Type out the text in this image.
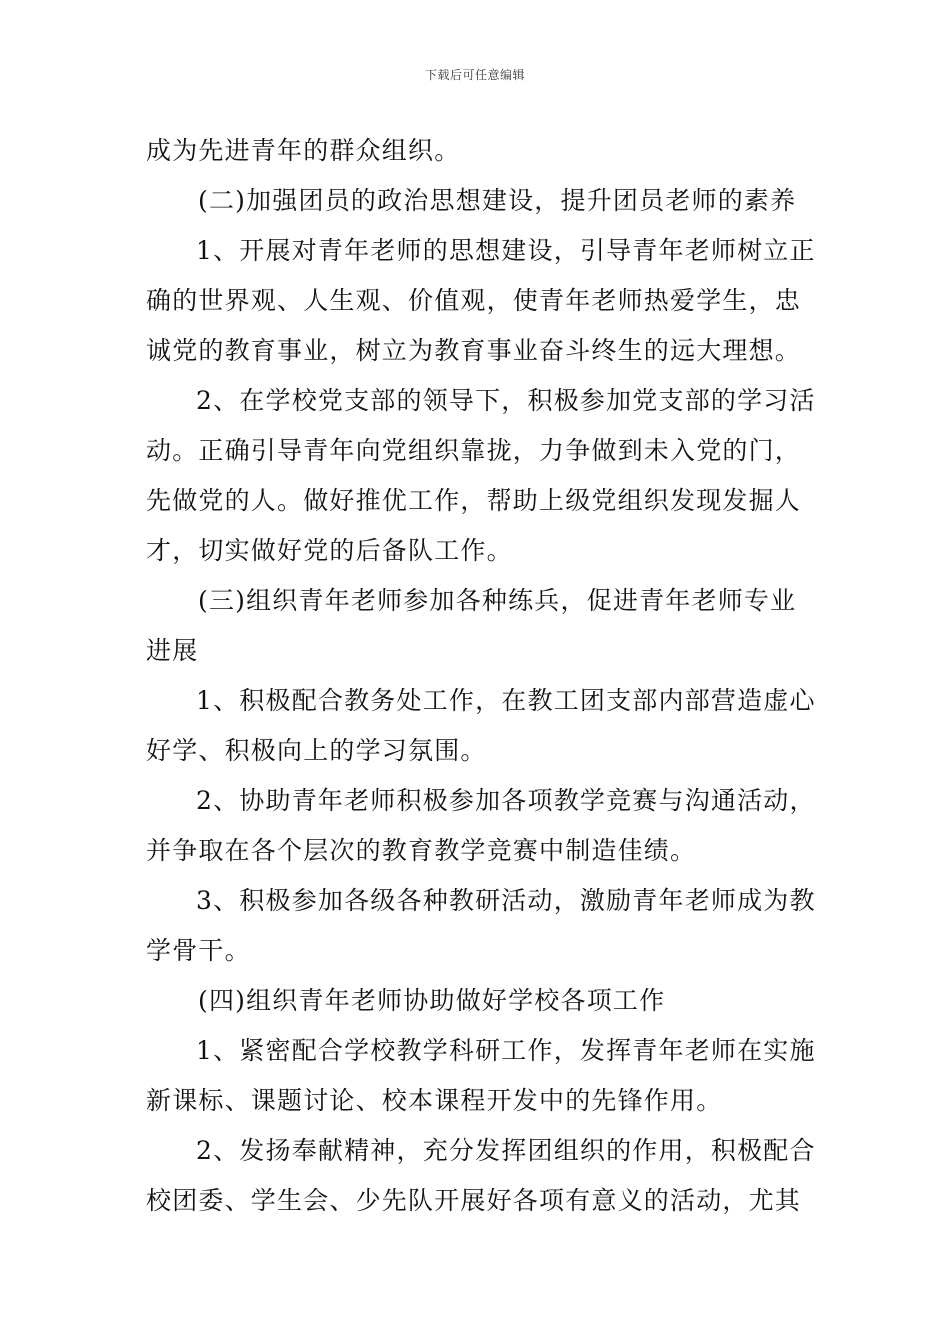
下载后可任意编辑
成为先进青年的群众组织。
(二)加强团员的政治思想建设，提升团员老师的素养
1、开展对青年老师的思想建设，引导青年老师树立正
确的世界观、人生观、价值观，使青年老师热爱学生，忠
诚党的教育事业，树立为教育事业奋斗终生的远大理想。
2、在学校党支部的领导下，积极参加党支部的学习活
动。正确引导青年向党组织靠拢，力争做到未入党的门，
先做党的人。做好推优工作，帮助上级党组织发现发掘人
才，切实做好党的后备队工作。
(三)组织青年老师参加各种练兵，促进青年老师专业
进展
1、积极配合教务处工作，在教工团支部内部营造虚心
好学、积极向上的学习氛围。
2、协助青年老师积极参加各项教学竞赛与沟通活动，
并争取在各个层次的教育教学竞赛中制造佳绩。
3、积极参加各级各种教研活动，激励青年老师成为教
学骨干。
(四)组织青年老师协助做好学校各项工作
1、紧密配合学校教学科研工作，发挥青年老师在实施
新课标、课题讨论、校本课程开发中的先锋作用。
2、发扬奉献精神，充分发挥团组织的作用，积极配合
校团委、学生会、少先队开展好各项有意义的活动，尤其
